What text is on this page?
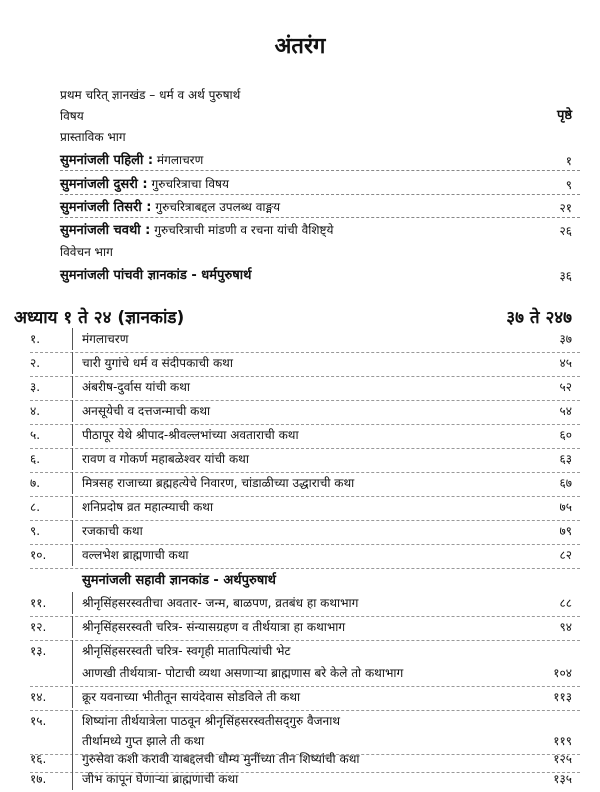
अंतरंग
प्रथम चरित् ज्ञानखंड – धर्म व अर्थ पुरुषार्थ
विषय	पृष्ठे
प्रास्ताविक भाग
सुमनांजली पहिली : मंगलाचरण	१
सुमनांजली दुसरी : गुरुचरित्राचा विषय	९
सुमनांजली तिसरी : गुरुचरित्राबद्दल उपलब्ध वाङ्मय	२१
सुमनांजली चवथी : गुरुचरित्राची मांडणी व रचना यांची वैशिष्ट्ये	२६
विवेचन भाग
सुमनांजली पांचवी ज्ञानकांड - धर्मपुरुषार्थ	३६
अध्याय १ ते २४ (ज्ञानकांड)	३७ ते २४७
१.	मंगलाचरण	३७
२.	चारी युगांचे धर्म व संदीपकाची कथा	४५
३.	अंबरीष-दुर्वास यांची कथा	५२
४.	अनसूयेची व दत्तजन्माची कथा	५४
५.	पीठापूर येथे श्रीपाद-श्रीवल्लभांच्या अवताराची कथा	६०
६.	रावण व गोकर्ण महाबळेश्वर यांची कथा	६३
७.	मित्रसह राजाच्या ब्रह्महत्येचे निवारण, चांडाळीच्या उद्धाराची कथा	६७
८.	शनिप्रदोष व्रत महात्म्याची कथा	७५
९.	रजकाची कथा	७९
१०.	वल्लभेश ब्राह्मणाची कथा	८२
सुमनांजली सहावी ज्ञानकांड - अर्थपुरुषार्थ
११.	श्रीनृसिंहसरस्वतीचा अवतार- जन्म, बाळपण, व्रतबंध हा कथाभाग	८८
१२.	श्रीनृसिंहसरस्वती चरित्र- संन्यासग्रहण व तीर्थयात्रा हा कथाभाग	९४
१३.	श्रीनृसिंहसरस्वती चरित्र- स्वगृही मातापित्यांची भेट
आणखी तीर्थयात्रा- पोटाची व्यथा असणाऱ्या ब्राह्मणास बरे केले तो कथाभाग	१०४
१४.	क्रूर यवनाच्या भीतीतून सायंदेवास सोडविले ती कथा	११३
१५.	शिष्यांना तीर्थयात्रेला पाठवून श्रीनृसिंहसरस्वतीसद्‌गुरु वैजनाथ
तीर्थामध्ये गुप्त झाले ती कथा	११९
१६.	गुरुसेवा कशी करावी याबद्दलची धौम्य मुनींच्या तीन शिष्यांची कथा	१२५
१७.	जीभ कापून घेणाऱ्या ब्राह्मणाची कथा	१३५
